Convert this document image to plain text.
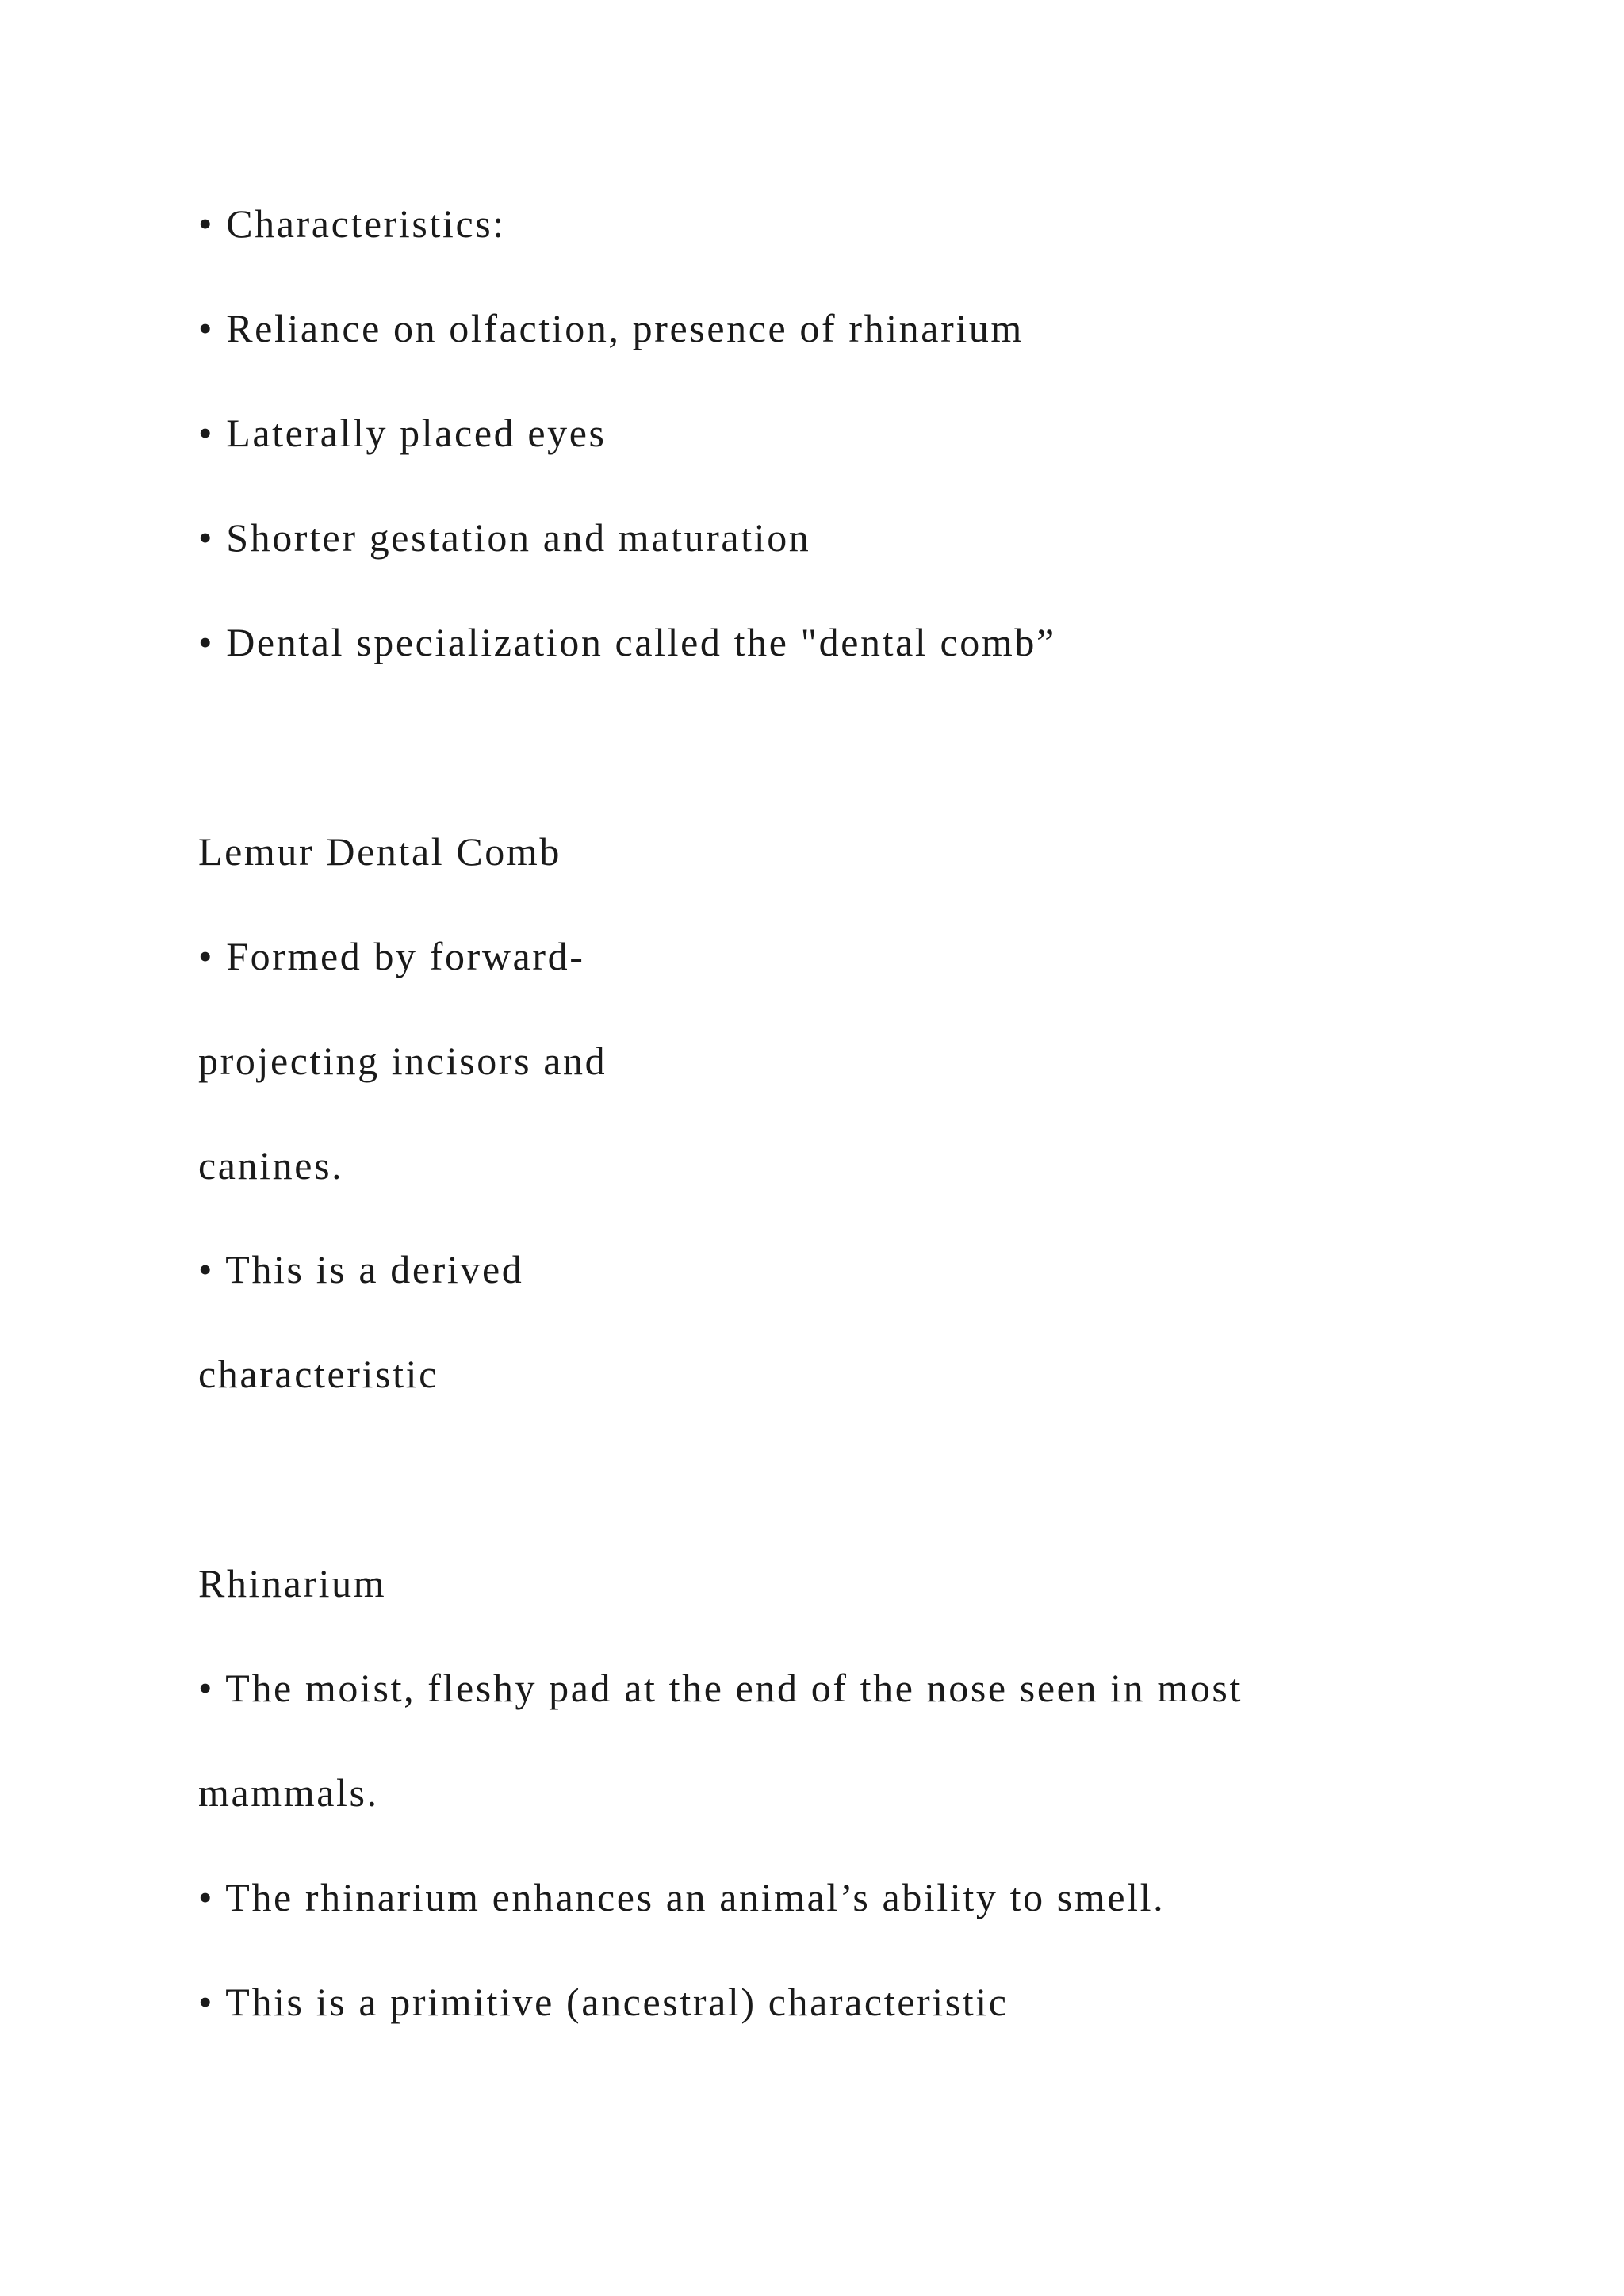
• Characteristics:

• Reliance on olfaction, presence of rhinarium

• Laterally placed eyes

• Shorter gestation and maturation

• Dental specialization called the "dental comb”

Lemur Dental Comb

• Formed by forward-

projecting incisors and

canines.

• This is a derived

characteristic

Rhinarium

• The moist, fleshy pad at the end of the nose seen in most

mammals.

• The rhinarium enhances an animal’s ability to smell.

• This is a primitive (ancestral) characteristic
